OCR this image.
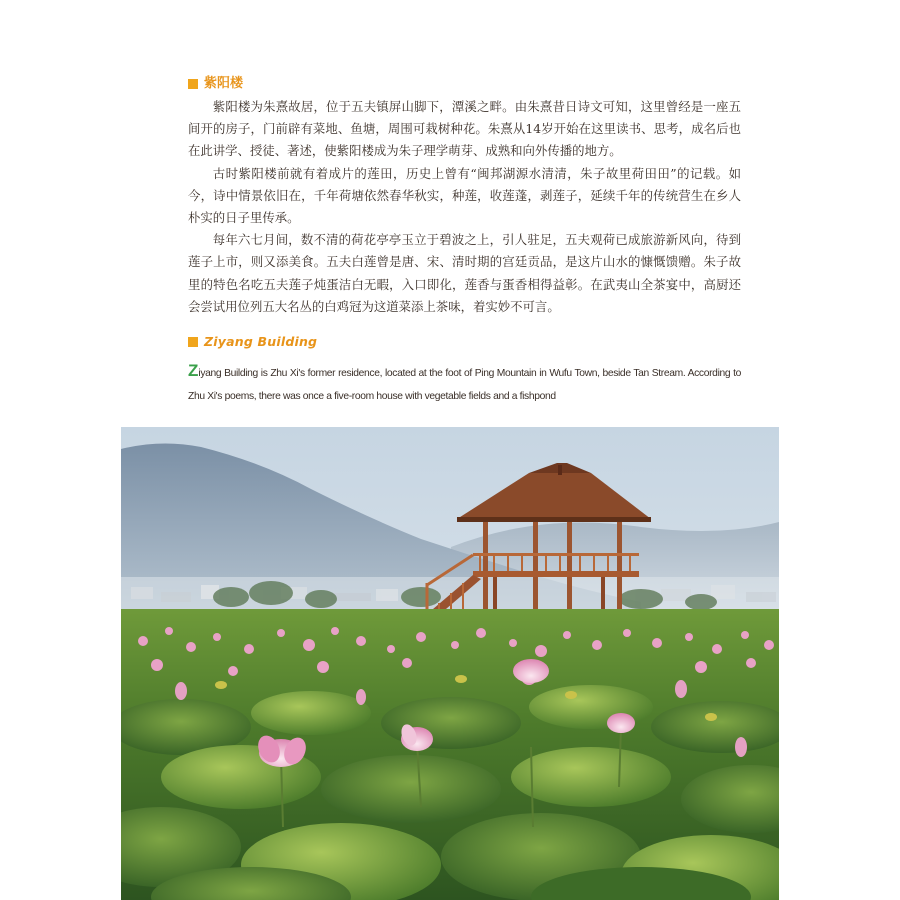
紫阳楼

紫阳楼为朱熹故居，位于五夫镇屏山脚下，潭溪之畔。由朱熹昔日诗文可知，这里曾经是一座五间开的房子，门前辟有菜地、鱼塘，周围可栽树种花。朱熹从14岁开始在这里读书、思考，成名后也在此讲学、授徒、著述，使紫阳楼成为朱子理学萌芽、成熟和向外传播的地方。

古时紫阳楼前就有着成片的莲田，历史上曾有“闽邦湖源水清清，朱子故里荷田田”的记载。如今，诗中情景依旧在，千年荷塘依然春华秋实，种莲，收莲蓬，剥莲子，延续千年的传统营生在乡人朴实的日子里传承。

每年六七月间，数不清的荷花亭亭玉立于碧波之上，引人驻足，五夫观荷已成旅游新风向，待到莲子上市，则又添美食。五夫白莲曾是唐、宋、清时期的宫廷贡品，是这片山水的慷慨馈赠。朱子故里的特色名吃五夫莲子炖蛋洁白无暇，入口即化，莲香与蛋香相得益彰。在武夷山全茶宴中，高厨还会尝试用位列五大名丛的白鸡冠为这道菜添上茶味，着实妙不可言。

Ziyang Building

Ziyang Building is Zhu Xi's former residence, located at the foot of Ping Mountain in Wufu Town, beside Tan Stream. According to Zhu Xi's poems, there was once a five-room house with vegetable fields and a fishpond
